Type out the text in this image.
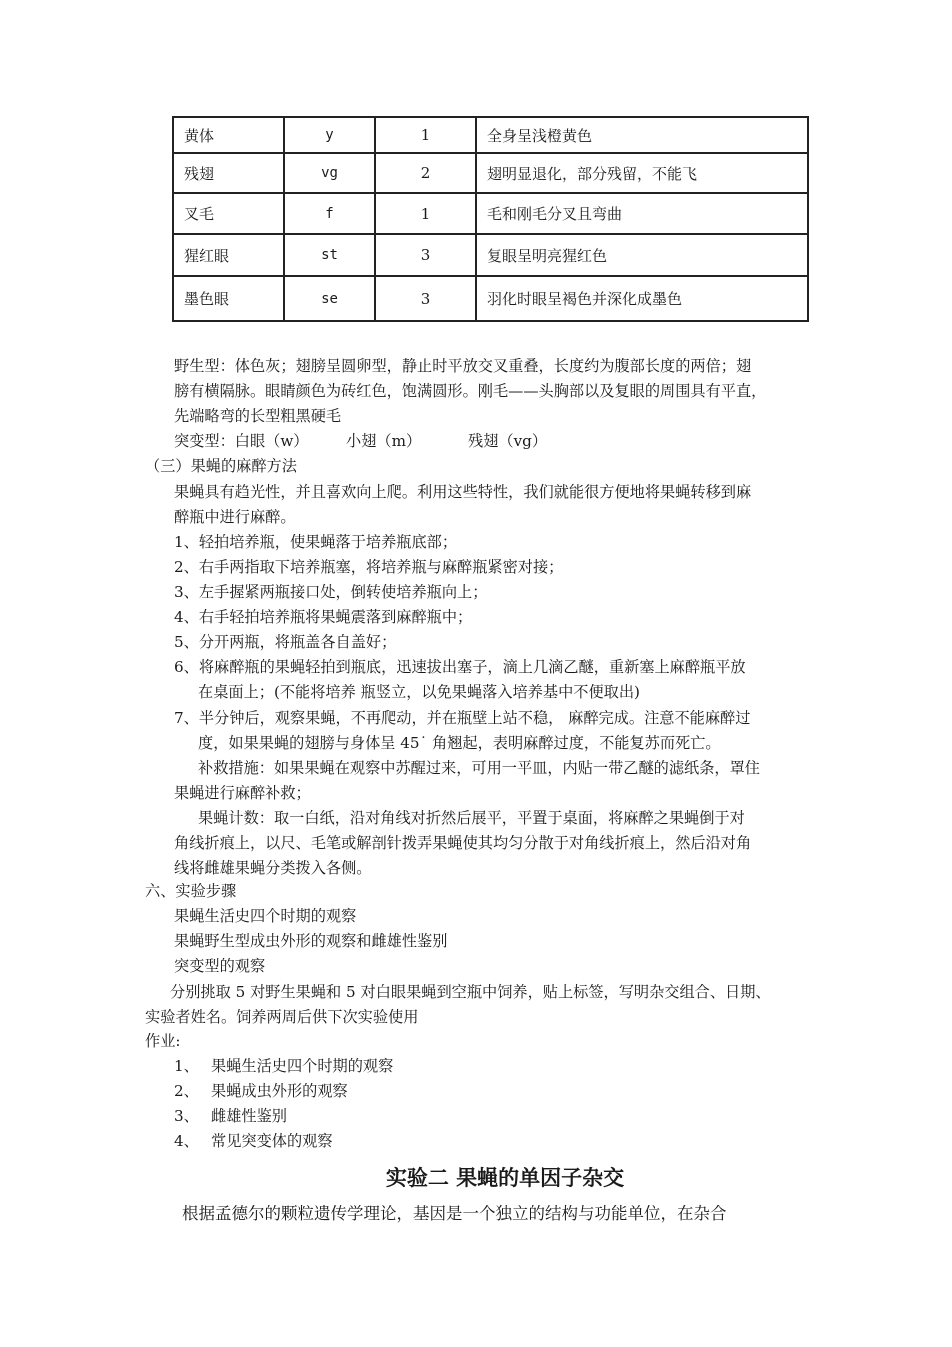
黄体	y	1	全身呈浅橙黄色
残翅	vg	2	翅明显退化，部分残留，不能飞
叉毛	f	1	毛和刚毛分叉且弯曲
猩红眼	st	3	复眼呈明亮猩红色
墨色眼	se	3	羽化时眼呈褐色并深化成墨色
野生型：体色灰；翅膀呈圆卵型，静止时平放交叉重叠，长度约为腹部长度的两倍；翅
膀有横隔脉。眼睛颜色为砖红色，饱满圆形。刚毛——头胸部以及复眼的周围具有平直，
先端略弯的长型粗黑硬毛
突变型：白眼（w） 小翅（m）	残翅（vg）
（三）果蝇的麻醉方法
果蝇具有趋光性，并且喜欢向上爬。利用这些特性，我们就能很方便地将果蝇转移到麻
醉瓶中进行麻醉。
1、轻拍培养瓶，使果蝇落于培养瓶底部；
2、右手两指取下培养瓶塞，将培养瓶与麻醉瓶紧密对接；
3、左手握紧两瓶接口处，倒转使培养瓶向上；
4、右手轻拍培养瓶将果蝇震落到麻醉瓶中；
5、分开两瓶，将瓶盖各自盖好；
6、将麻醉瓶的果蝇轻拍到瓶底，迅速拔出塞子，滴上几滴乙醚，重新塞上麻醉瓶平放
在桌面上；(不能将培养 瓶竖立，以免果蝇落入培养基中不便取出)
7、半分钟后，观察果蝇，不再爬动，并在瓶壁上站不稳， 麻醉完成。注意不能麻醉过
度，如果果蝇的翅膀与身体呈 45˙ 角翘起，表明麻醉过度，不能复苏而死亡。
补救措施：如果果蝇在观察中苏醒过来，可用一平皿，内贴一带乙醚的滤纸条，罩住
果蝇进行麻醉补救；
果蝇计数：取一白纸，沿对角线对折然后展平，平置于桌面，将麻醉之果蝇倒于对
角线折痕上，以尺、毛笔或解剖针拨弄果蝇使其均匀分散于对角线折痕上，然后沿对角
线将雌雄果蝇分类拨入各侧。
六、实验步骤
果蝇生活史四个时期的观察
果蝇野生型成虫外形的观察和雌雄性鉴别
突变型的观察
分别挑取 5 对野生果蝇和 5 对白眼果蝇到空瓶中饲养，贴上标签，写明杂交组合、日期、
实验者姓名。饲养两周后供下次实验使用
作业:
1、 果蝇生活史四个时期的观察
2、 果蝇成虫外形的观察
3、 雌雄性鉴别
4、 常见突变体的观察
实验二 果蝇的单因子杂交
根据孟德尔的颗粒遗传学理论，基因是一个独立的结构与功能单位，在杂合
